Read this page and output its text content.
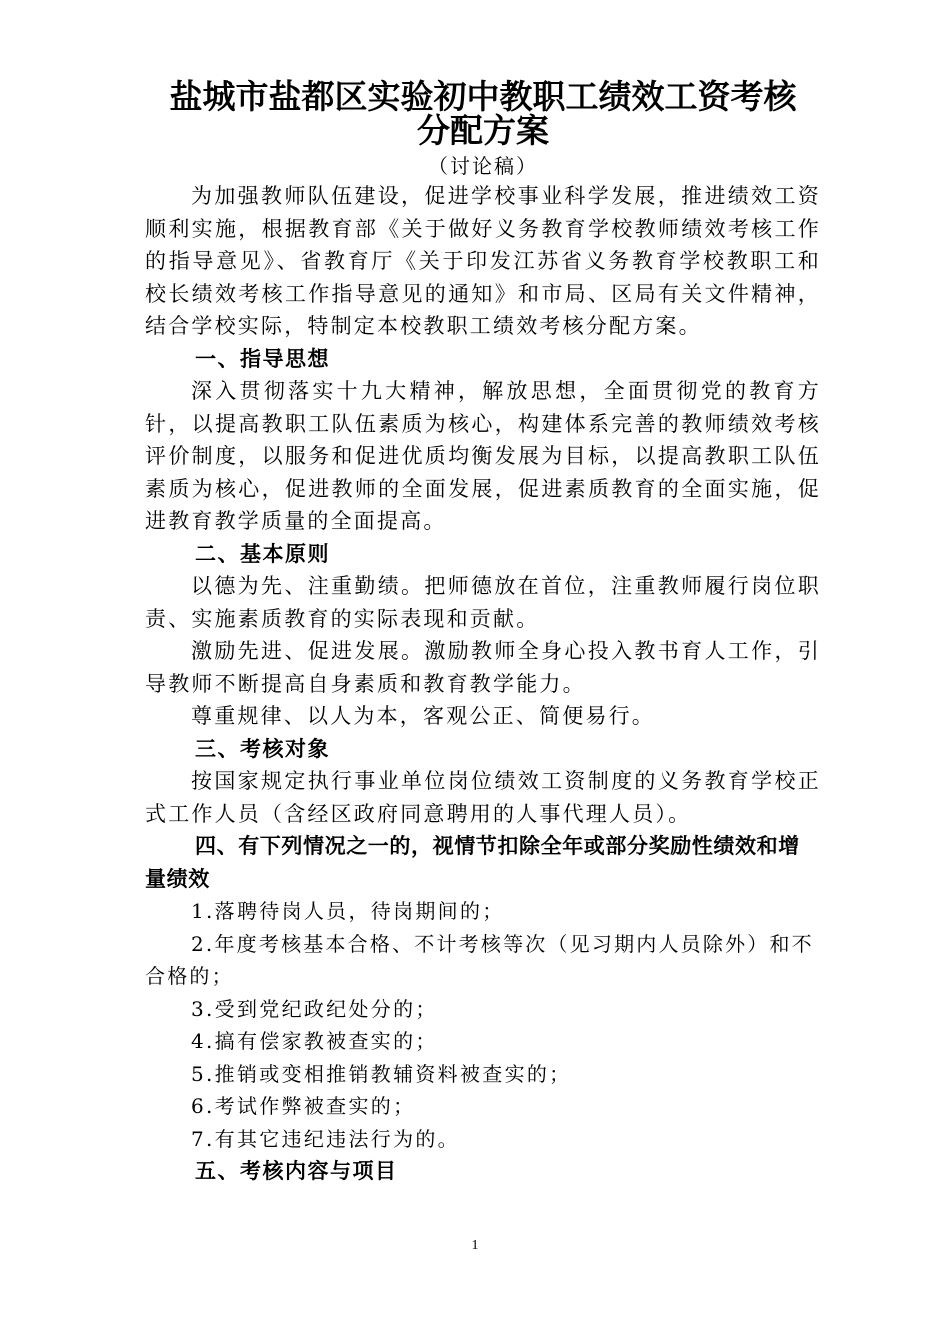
盐城市盐都区实验初中教职工绩效工资考核
分配方案

（讨论稿）

为加强教师队伍建设，促进学校事业科学发展，推进绩效工资顺利实施，根据教育部《关于做好义务教育学校教师绩效考核工作的指导意见》、省教育厅《关于印发江苏省义务教育学校教职工和校长绩效考核工作指导意见的通知》和市局、区局有关文件精神，结合学校实际，特制定本校教职工绩效考核分配方案。

一、指导思想

深入贯彻落实十九大精神，解放思想，全面贯彻党的教育方针，以提高教职工队伍素质为核心，构建体系完善的教师绩效考核评价制度，以服务和促进优质均衡发展为目标，以提高教职工队伍素质为核心，促进教师的全面发展，促进素质教育的全面实施，促进教育教学质量的全面提高。

二、基本原则

以德为先、注重勤绩。把师德放在首位，注重教师履行岗位职责、实施素质教育的实际表现和贡献。

激励先进、促进发展。激励教师全身心投入教书育人工作，引导教师不断提高自身素质和教育教学能力。

尊重规律、以人为本，客观公正、简便易行。

三、考核对象

按国家规定执行事业单位岗位绩效工资制度的义务教育学校正式工作人员（含经区政府同意聘用的人事代理人员）。

四、有下列情况之一的，视情节扣除全年或部分奖励性绩效和增量绩效

1.落聘待岗人员，待岗期间的；

2.年度考核基本合格、不计考核等次（见习期内人员除外）和不合格的；

3.受到党纪政纪处分的；

4.搞有偿家教被查实的；

5.推销或变相推销教辅资料被查实的；

6.考试作弊被查实的；

7.有其它违纪违法行为的。

五、考核内容与项目

1
